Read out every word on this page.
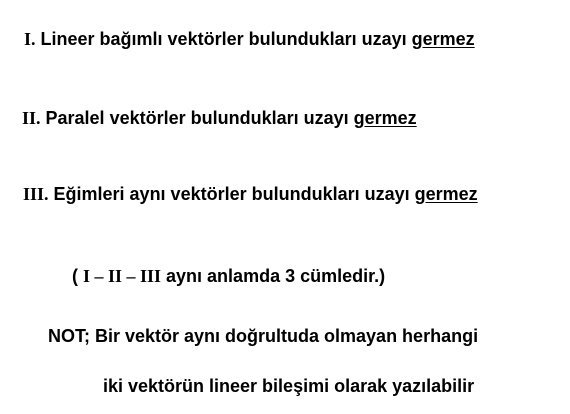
I. Lineer bağımlı vektörler bulundukları uzayı germez
II. Paralel vektörler bulundukları uzayı germez
III. Eğimleri aynı vektörler bulundukları uzayı germez
( I – II – III aynı anlamda 3 cümledir.)
NOT; Bir vektör aynı doğrultuda olmayan herhangi
iki vektörün lineer bileşimi olarak yazılabilir
